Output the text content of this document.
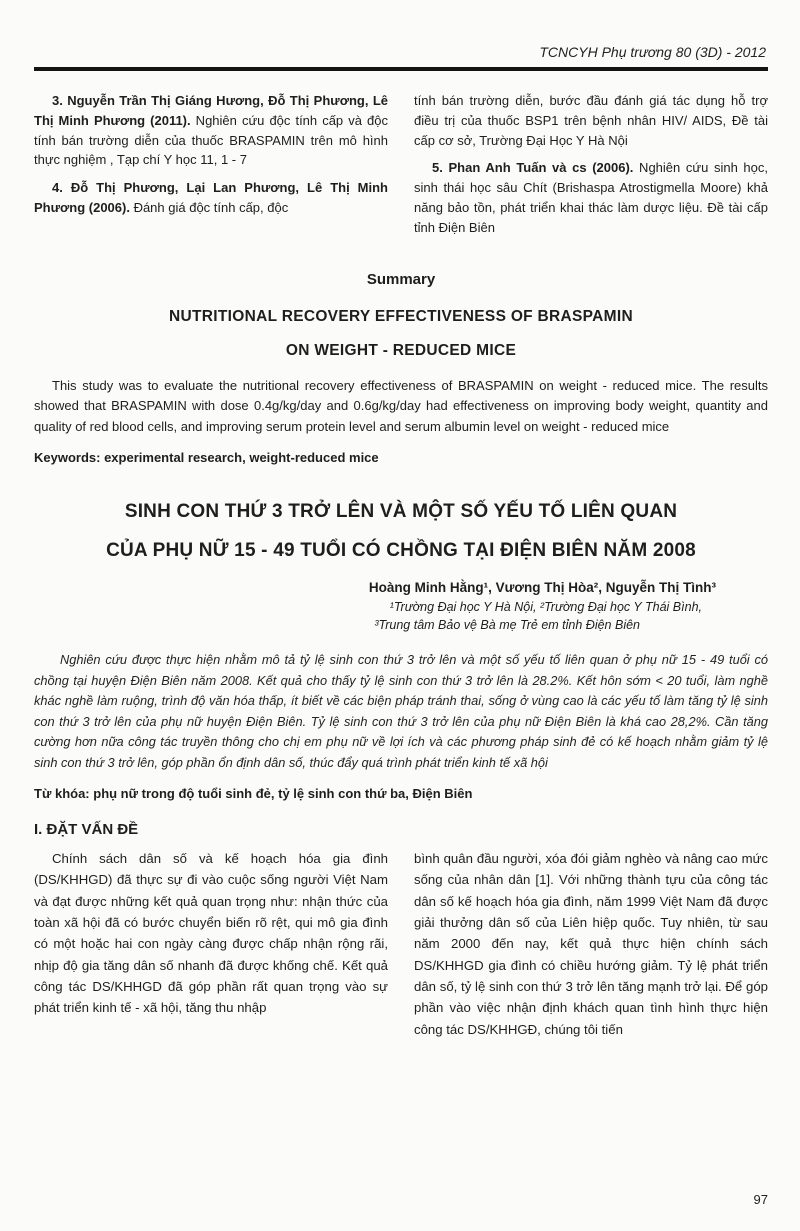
TCNCYH Phụ trương 80 (3D) - 2012

3. Nguyễn Trần Thị Giáng Hương, Đỗ Thị Phương, Lê Thị Minh Phương (2011). Nghiên cứu độc tính cấp và độc tính bán trường diễn của thuốc BRASPAMIN trên mô hình thực nghiệm , Tạp chí Y học 11, 1 - 7

4. Đỗ Thị Phương, Lại Lan Phương, Lê Thị Minh Phương (2006). Đánh giá độc tính cấp, độc

tính bán trường diễn, bước đầu đánh giá tác dụng hỗ trợ điều trị của thuốc BSP1 trên bệnh nhân HIV/ AIDS, Đề tài cấp cơ sở, Trường Đại Học Y Hà Nội

5. Phan Anh Tuấn và cs (2006). Nghiên cứu sinh học, sinh thái học sâu Chít (Brishaspa Atrostigmella Moore) khả năng bảo tồn, phát triển khai thác làm dược liệu. Đề tài cấp tỉnh Điện Biên

Summary
NUTRITIONAL RECOVERY EFFECTIVENESS OF BRASPAMIN
ON WEIGHT - REDUCED MICE

This study was to evaluate the nutritional recovery effectiveness of BRASPAMIN on weight - reduced mice. The results showed that BRASPAMIN with dose 0.4g/kg/day and 0.6g/kg/day had effectiveness on improving body weight, quantity and quality of red blood cells, and improving serum protein level and serum albumin level on weight - reduced mice

Keywords: experimental research, weight-reduced mice
SINH CON THỨ 3 TRỞ LÊN VÀ MỘT SỐ YẾU TỐ LIÊN QUAN
CỦA PHỤ NỮ 15 - 49 TUỔI CÓ CHỒNG TẠI ĐIỆN BIÊN NĂM 2008
Hoàng Minh Hằng¹, Vương Thị Hòa², Nguyễn Thị Tình³
¹Trường Đại học Y Hà Nội, ²Trường Đại học Y Thái Bình,
³Trung tâm Bảo vệ Bà mẹ Trẻ em tỉnh Điện Biên

Nghiên cứu được thực hiện nhằm mô tả tỷ lệ sinh con thứ 3 trở lên và một số yếu tố liên quan ở phụ nữ 15 - 49 tuổi có chồng tại huyện Điện Biên năm 2008. Kết quả cho thấy tỷ lệ sinh con thứ 3 trở lên là 28.2%. Kết hôn sớm < 20 tuổi, làm nghề khác nghề làm ruộng, trình độ văn hóa thấp, ít biết về các biện pháp tránh thai, sống ở vùng cao là các yếu tố làm tăng tỷ lệ sinh con thứ 3 trở lên của phụ nữ huyện Điện Biên. Tỷ lệ sinh con thứ 3 trở lên của phụ nữ Điện Biên là khá cao 28,2%. Cần tăng cường hơn nữa công tác truyền thông cho chị em phụ nữ về lợi ích và các phương pháp sinh đẻ có kế hoạch nhằm giảm tỷ lệ sinh con thứ 3 trở lên, góp phần ổn định dân số, thúc đẩy quá trình phát triển kinh tế xã hội

Từ khóa: phụ nữ trong độ tuổi sinh đẻ, tỷ lệ sinh con thứ ba, Điện Biên
I. ĐẶT VẤN ĐỀ

Chính sách dân số và kế hoạch hóa gia đình (DS/KHHGD) đã thực sự đi vào cuộc sống người Việt Nam và đạt được những kết quả quan trọng như: nhận thức của toàn xã hội đã có bước chuyển biến rõ rệt, qui mô gia đình có một hoặc hai con ngày càng được chấp nhận rộng rãi, nhịp độ gia tăng dân số nhanh đã được khống chế. Kết quả công tác DS/KHHGD đã góp phần rất quan trọng vào sự phát triển kinh tế - xã hội, tăng thu nhập

bình quân đầu người, xóa đói giảm nghèo và nâng cao mức sống của nhân dân [1]. Với những thành tựu của công tác dân số kế hoạch hóa gia đình, năm 1999 Việt Nam đã được giải thưởng dân số của Liên hiệp quốc. Tuy nhiên, từ sau năm 2000 đến nay, kết quả thực hiện chính sách DS/KHHGD gia đình có chiều hướng giảm. Tỷ lệ phát triển dân số, tỷ lệ sinh con thứ 3 trở lên tăng mạnh trở lại. Để góp phần vào việc nhận định khách quan tình hình thực hiện công tác DS/KHHGĐ, chúng tôi tiến

97
